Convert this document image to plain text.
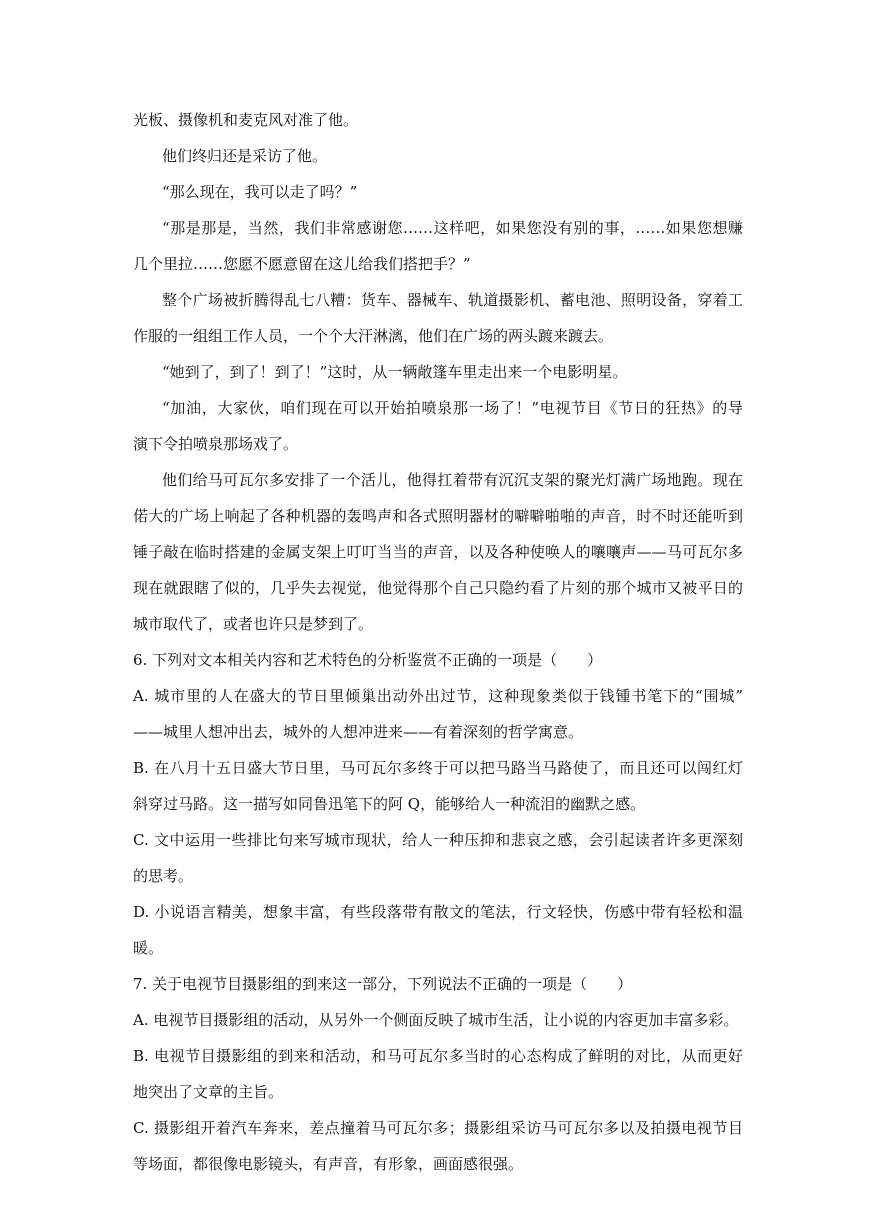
光板、摄像机和麦克风对准了他。
他们终归还是采访了他。
“那么现在，我可以走了吗？”
“那是那是，当然，我们非常感谢您……这样吧，如果您没有别的事，……如果您想赚
几个里拉……您愿不愿意留在这儿给我们搭把手？”
整个广场被折腾得乱七八糟：货车、器械车、轨道摄影机、蓄电池、照明设备，穿着工
作服的一组组工作人员，一个个大汗淋漓，他们在广场的两头踱来踱去。
“她到了，到了！到了！”这时，从一辆敞篷车里走出来一个电影明星。
“加油，大家伙，咱们现在可以开始拍喷泉那一场了！”电视节目《节日的狂热》的导
演下令拍喷泉那场戏了。
他们给马可瓦尔多安排了一个活儿，他得扛着带有沉沉支架的聚光灯满广场地跑。现在
偌大的广场上响起了各种机器的轰鸣声和各式照明器材的噼噼啪啪的声音，时不时还能听到
锤子敲在临时搭建的金属支架上叮叮当当的声音，以及各种使唤人的嚷嚷声——马可瓦尔多
现在就跟瞎了似的，几乎失去视觉，他觉得那个自己只隐约看了片刻的那个城市又被平日的
城市取代了，或者也许只是梦到了。
6. 下列对文本相关内容和艺术特色的分析鉴赏不正确的一项是（　　）
A. 城市里的人在盛大的节日里倾巢出动外出过节，这种现象类似于钱锺书笔下的“围城”
——城里人想冲出去，城外的人想冲进来——有着深刻的哲学寓意。
B. 在八月十五日盛大节日里，马可瓦尔多终于可以把马路当马路使了，而且还可以闯红灯
斜穿过马路。这一描写如同鲁迅笔下的阿 Q，能够给人一种流泪的幽默之感。
C. 文中运用一些排比句来写城市现状，给人一种压抑和悲哀之感，会引起读者许多更深刻
的思考。
D. 小说语言精美，想象丰富，有些段落带有散文的笔法，行文轻快，伤感中带有轻松和温
暖。
7. 关于电视节目摄影组的到来这一部分，下列说法不正确的一项是（　　）
A. 电视节目摄影组的活动，从另外一个侧面反映了城市生活，让小说的内容更加丰富多彩。
B. 电视节目摄影组的到来和活动，和马可瓦尔多当时的心态构成了鲜明的对比，从而更好
地突出了文章的主旨。
C. 摄影组开着汽车奔来，差点撞着马可瓦尔多；摄影组采访马可瓦尔多以及拍摄电视节目
等场面，都很像电影镜头，有声音，有形象，画面感很强。
